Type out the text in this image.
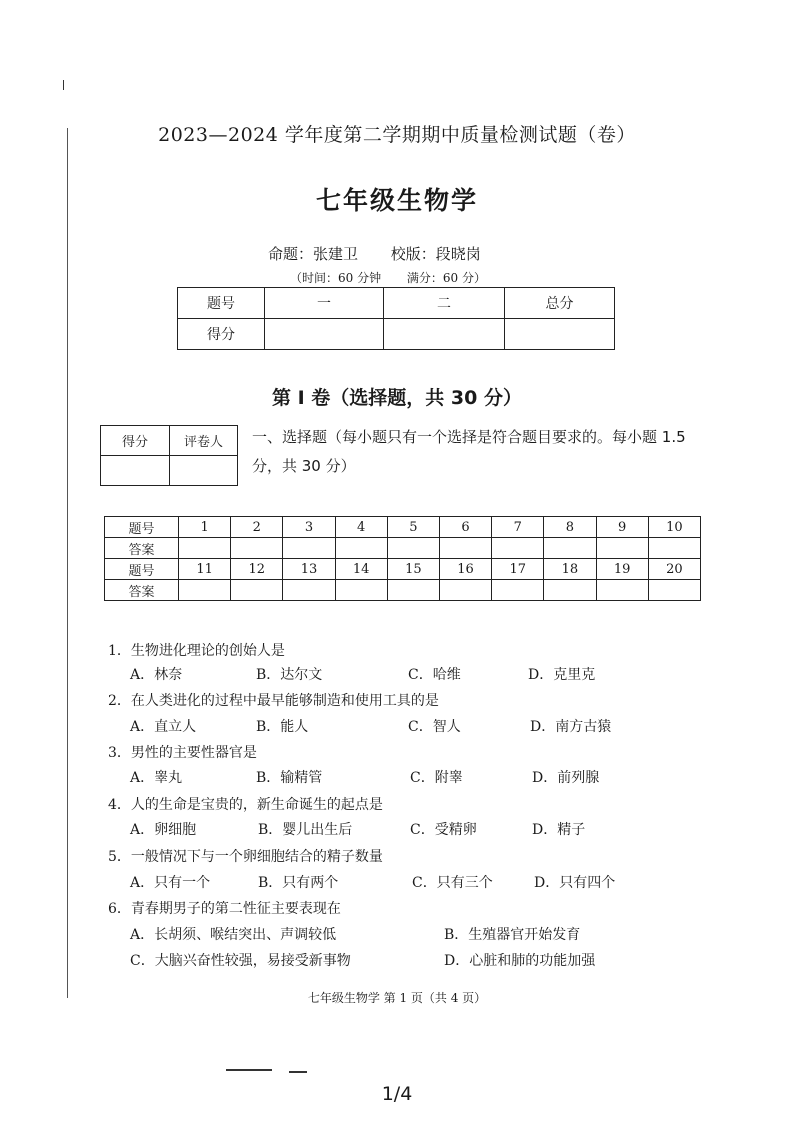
2023—2024 学年度第二学期期中质量检测试题（卷）
七年级生物学
命题：张建卫 校版：段晓岗
（时间：60 分钟 满分：60 分）
题号	一	二	总分
得分			
第 Ⅰ 卷（选择题，共 30 分）
得分	评卷人
	一、选择题（每小题只有一个选择是符合题目要求的。每小题 1.5 分，共 30 分）
题号	1	2	3	4	5	6	7	8	9	10
答案										
题号	11	12	13	14	15	16	17	18	19	20
答案										
1．生物进化理论的创始人是
A．林奈	B．达尔文	C．哈维	D．克里克
2．在人类进化的过程中最早能够制造和使用工具的是
A．直立人	B．能人	C．智人	D．南方古猿
3．男性的主要性器官是
A．睾丸	B．输精管	C．附睾	D．前列腺
4．人的生命是宝贵的，新生命诞生的起点是
A．卵细胞	B．婴儿出生后	C．受精卵	D．精子
5．一般情况下与一个卵细胞结合的精子数量
A．只有一个	B．只有两个	C．只有三个	D．只有四个
6．青春期男子的第二性征主要表现在
A．长胡须、喉结突出、声调较低	B．生殖器官开始发育
C．大脑兴奋性较强，易接受新事物	D．心脏和肺的功能加强
七年级生物学 第 1 页（共 4 页）
1/4
